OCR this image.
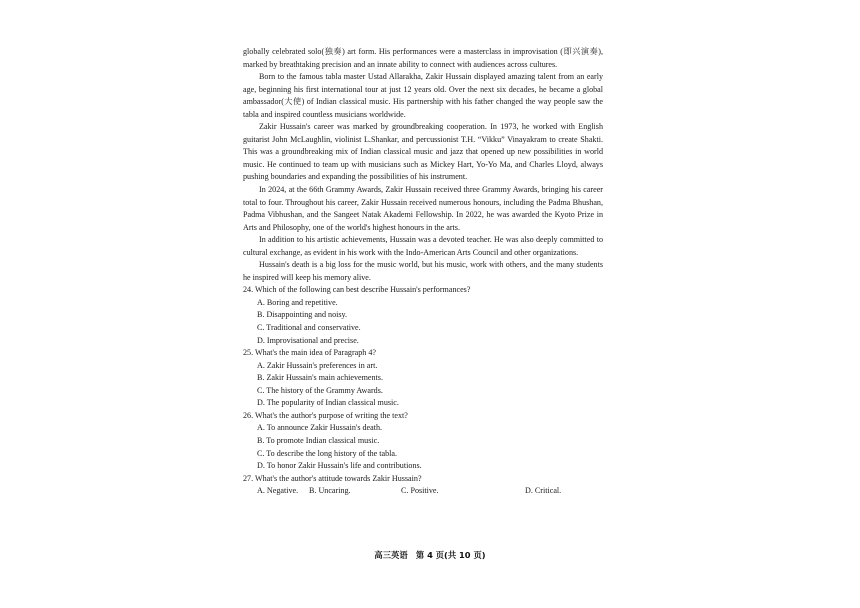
globally celebrated solo(独奏) art form. His performances were a masterclass in improvisation (即兴演奏), marked by breathtaking precision and an innate ability to connect with audiences across cultures.

Born to the famous tabla master Ustad Allarakha, Zakir Hussain displayed amazing talent from an early age, beginning his first international tour at just 12 years old. Over the next six decades, he became a global ambassador(大使) of Indian classical music. His partnership with his father changed the way people saw the tabla and inspired countless musicians worldwide.

Zakir Hussain's career was marked by groundbreaking cooperation. In 1973, he worked with English guitarist John McLaughlin, violinist L.Shankar, and percussionist T.H. “Vikku” Vinayakram to create Shakti. This was a groundbreaking mix of Indian classical music and jazz that opened up new possibilities in world music. He continued to team up with musicians such as Mickey Hart, Yo-Yo Ma, and Charles Lloyd, always pushing boundaries and expanding the possibilities of his instrument.

In 2024, at the 66th Grammy Awards, Zakir Hussain received three Grammy Awards, bringing his career total to four. Throughout his career, Zakir Hussain received numerous honours, including the Padma Bhushan, Padma Vibhushan, and the Sangeet Natak Akademi Fellowship. In 2022, he was awarded the Kyoto Prize in Arts and Philosophy, one of the world's highest honours in the arts.

In addition to his artistic achievements, Hussain was a devoted teacher. He was also deeply committed to cultural exchange, as evident in his work with the Indo-American Arts Council and other organizations.

Hussain's death is a big loss for the music world, but his music, work with others, and the many students he inspired will keep his memory alive.

24. Which of the following can best describe Hussain's performances?

A. Boring and repetitive.

B. Disappointing and noisy.

C. Traditional and conservative.

D. Improvisational and precise.

25. What's the main idea of Paragraph 4?

A. Zakir Hussain's preferences in art.

B. Zakir Hussain's main achievements.

C. The history of the Grammy Awards.

D. The popularity of Indian classical music.

26. What's the author's purpose of writing the text?

A. To announce Zakir Hussain's death.

B. To promote Indian classical music.

C. To describe the long history of the tabla.

D. To honor Zakir Hussain's life and contributions.

27. What's the author's attitude towards Zakir Hussain?

A. Negative.	B. Uncaring.	C. Positive.	D. Critical.
高三英语　第 4 页(共 10 页)
